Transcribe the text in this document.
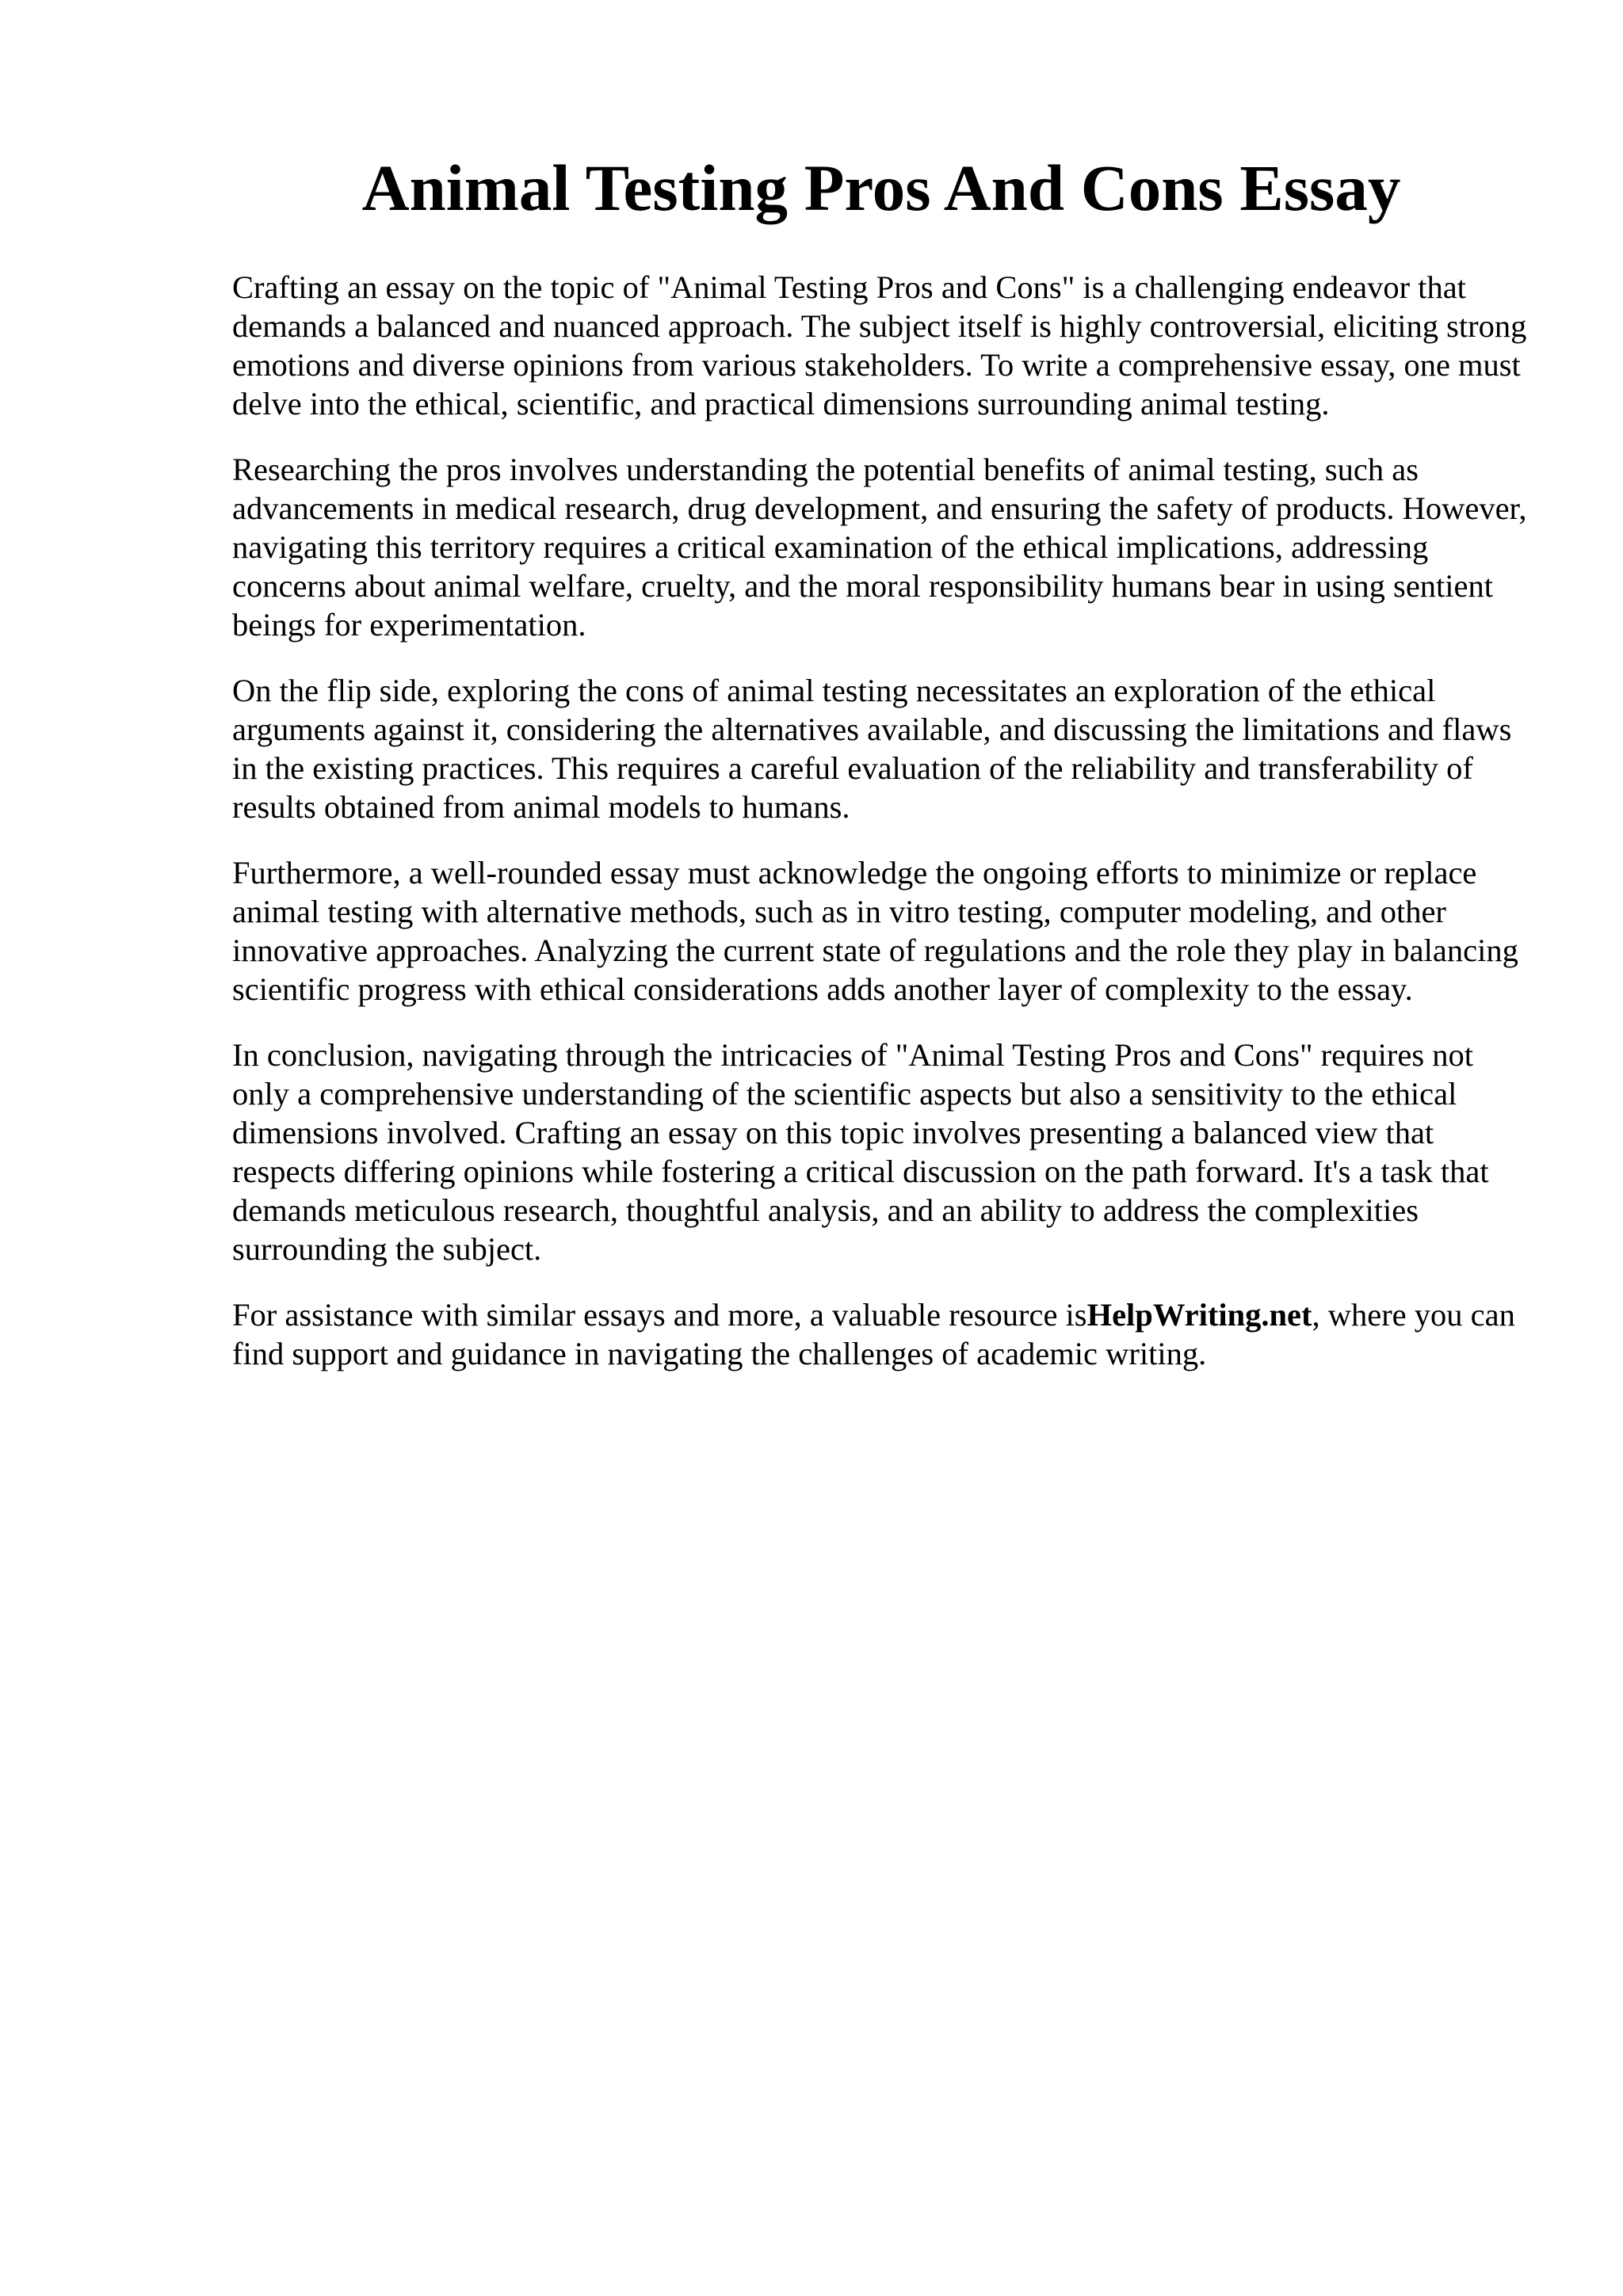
Animal Testing Pros And Cons Essay

Crafting an essay on the topic of "Animal Testing Pros and Cons" is a challenging endeavor that demands a balanced and nuanced approach. The subject itself is highly controversial, eliciting strong emotions and diverse opinions from various stakeholders. To write a comprehensive essay, one must delve into the ethical, scientific, and practical dimensions surrounding animal testing.

Researching the pros involves understanding the potential benefits of animal testing, such as advancements in medical research, drug development, and ensuring the safety of products. However, navigating this territory requires a critical examination of the ethical implications, addressing concerns about animal welfare, cruelty, and the moral responsibility humans bear in using sentient beings for experimentation.

On the flip side, exploring the cons of animal testing necessitates an exploration of the ethical arguments against it, considering the alternatives available, and discussing the limitations and flaws in the existing practices. This requires a careful evaluation of the reliability and transferability of results obtained from animal models to humans.

Furthermore, a well-rounded essay must acknowledge the ongoing efforts to minimize or replace animal testing with alternative methods, such as in vitro testing, computer modeling, and other innovative approaches. Analyzing the current state of regulations and the role they play in balancing scientific progress with ethical considerations adds another layer of complexity to the essay.

In conclusion, navigating through the intricacies of "Animal Testing Pros and Cons" requires not only a comprehensive understanding of the scientific aspects but also a sensitivity to the ethical dimensions involved. Crafting an essay on this topic involves presenting a balanced view that respects differing opinions while fostering a critical discussion on the path forward. It's a task that demands meticulous research, thoughtful analysis, and an ability to address the complexities surrounding the subject.

For assistance with similar essays and more, a valuable resource isHelpWriting.net, where you can find support and guidance in navigating the challenges of academic writing.
